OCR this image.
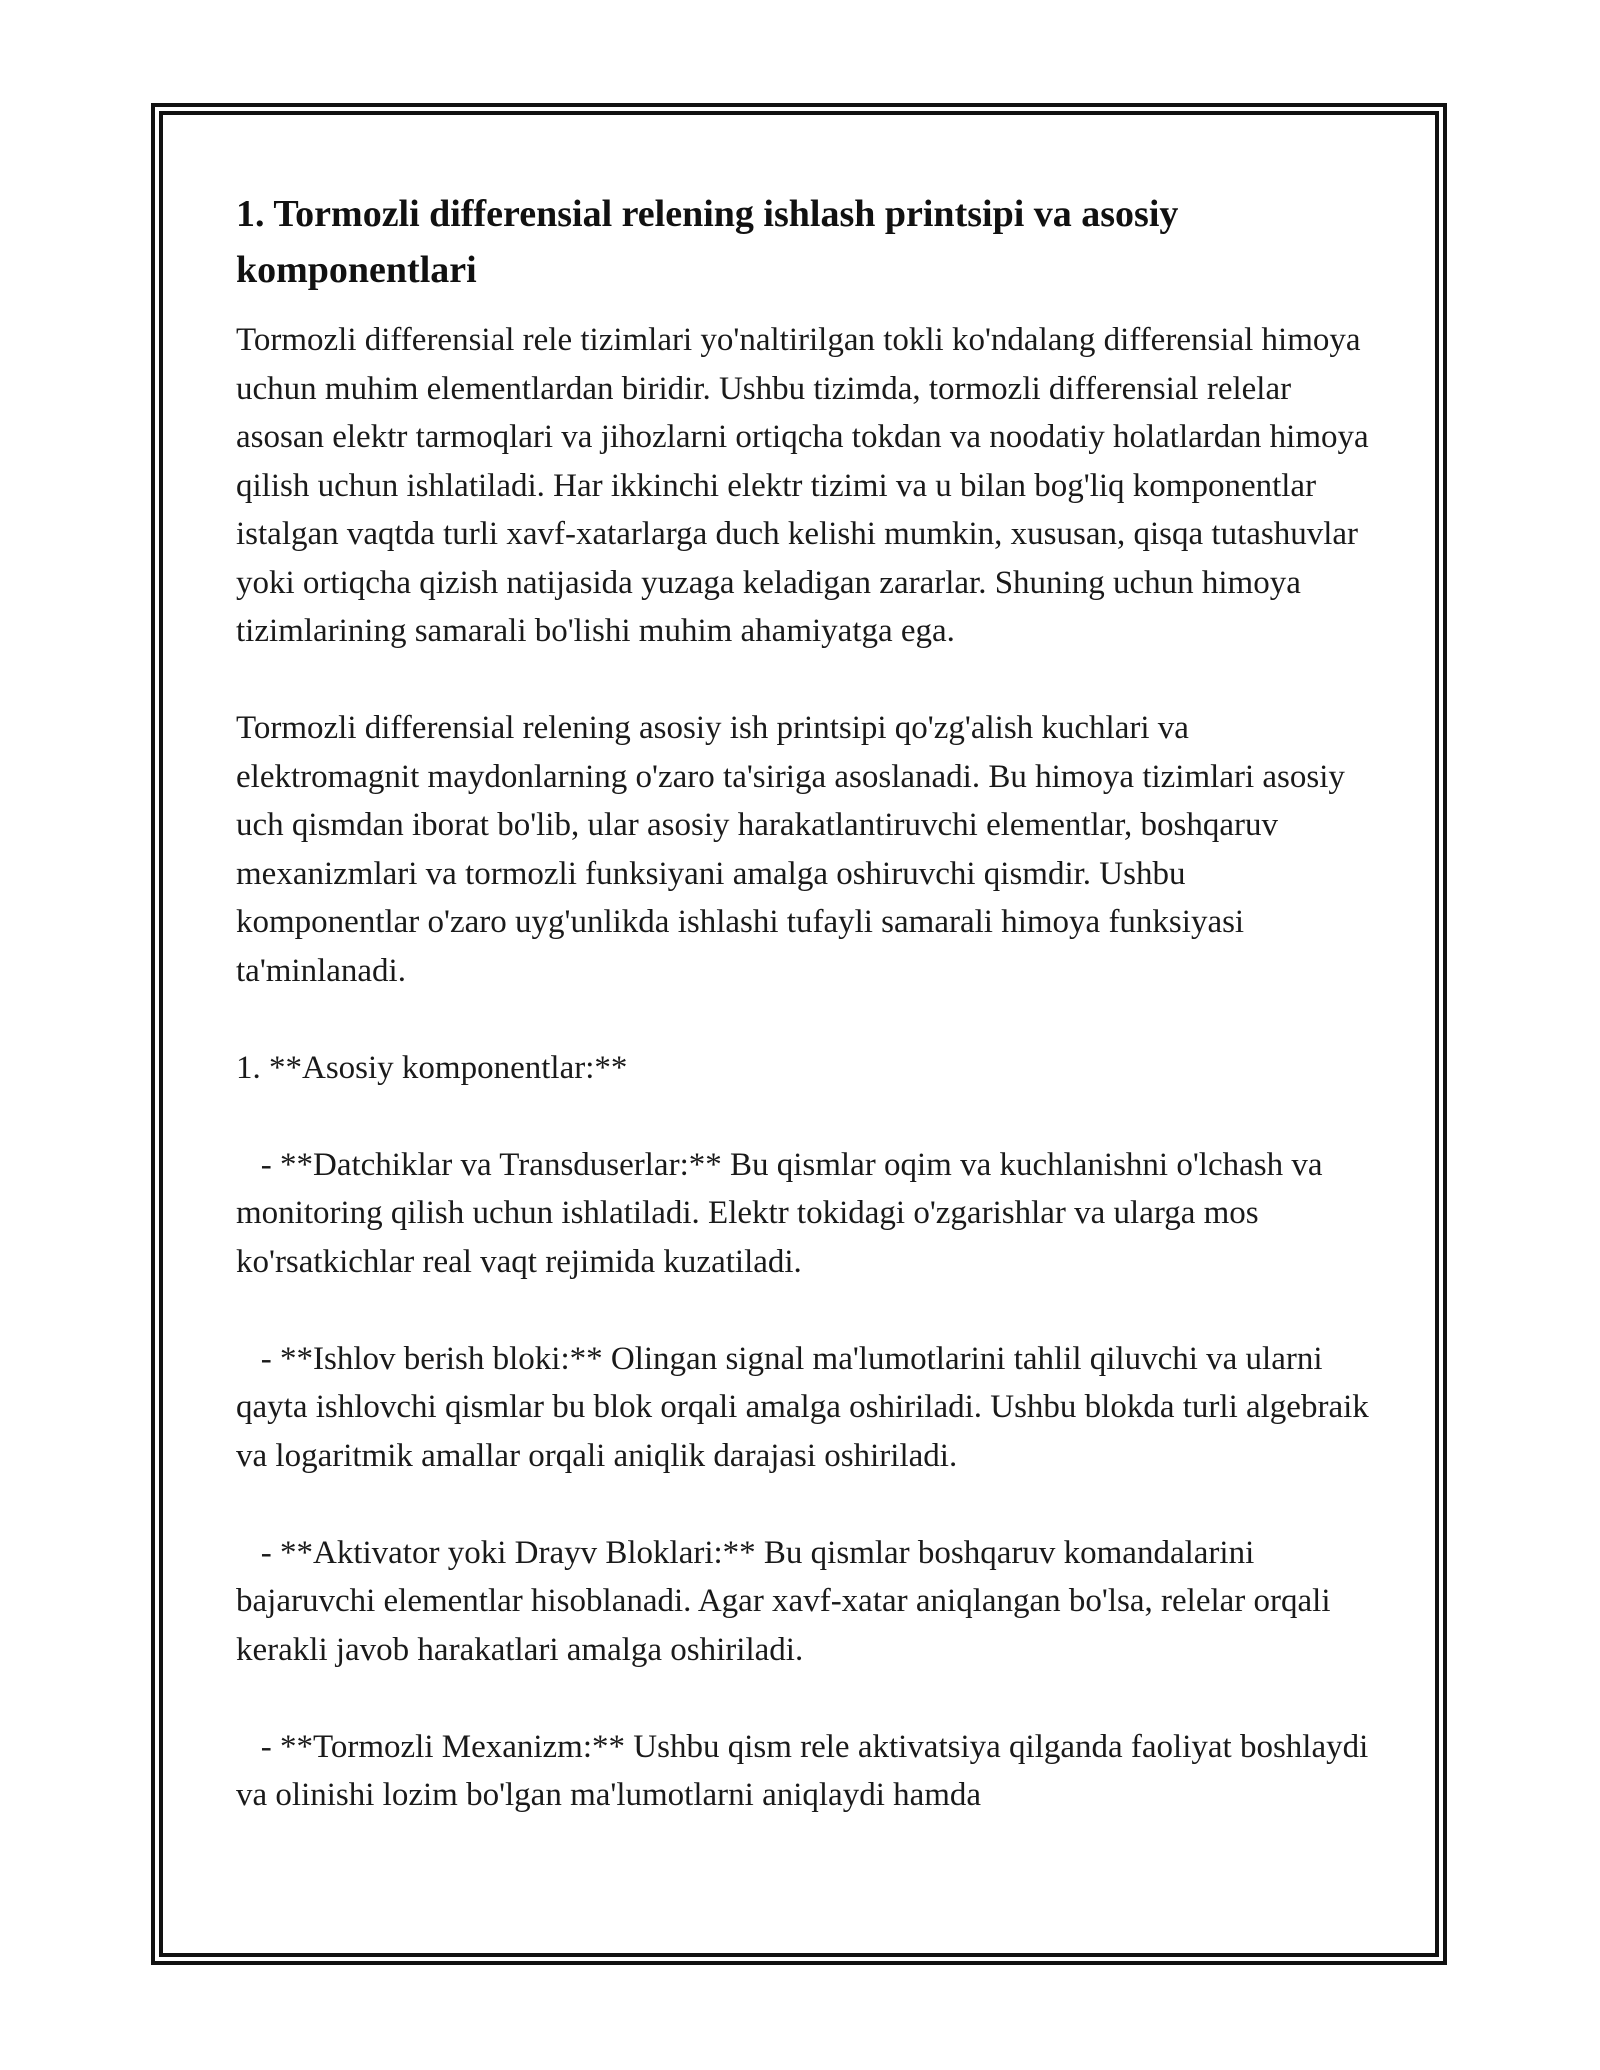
1. Tormozli differensial relening ishlash printsipi va asosiy komponentlari

Tormozli differensial rele tizimlari yo'naltirilgan tokli ko'ndalang differensial himoya uchun muhim elementlardan biridir. Ushbu tizimda, tormozli differensial relelar asosan elektr tarmoqlari va jihozlarni ortiqcha tokdan va noodatiy holatlardan himoya qilish uchun ishlatiladi. Har ikkinchi elektr tizimi va u bilan bog'liq komponentlar istalgan vaqtda turli xavf-xatarlarga duch kelishi mumkin, xususan, qisqa tutashuvlar yoki ortiqcha qizish natijasida yuzaga keladigan zararlar. Shuning uchun himoya tizimlarining samarali bo'lishi muhim ahamiyatga ega.

Tormozli differensial relening asosiy ish printsipi qo'zg'alish kuchlari va elektromagnit maydonlarning o'zaro ta'siriga asoslanadi. Bu himoya tizimlari asosiy uch qismdan iborat bo'lib, ular asosiy harakatlantiruvchi elementlar, boshqaruv mexanizmlari va tormozli funksiyani amalga oshiruvchi qismdir. Ushbu komponentlar o'zaro uyg'unlikda ishlashi tufayli samarali himoya funksiyasi ta'minlanadi.

1. **Asosiy komponentlar:**

- **Datchiklar va Transduserlar:** Bu qismlar oqim va kuchlanishni o'lchash va monitoring qilish uchun ishlatiladi. Elektr tokidagi o'zgarishlar va ularga mos ko'rsatkichlar real vaqt rejimida kuzatiladi.

- **Ishlov berish bloki:** Olingan signal ma'lumotlarini tahlil qiluvchi va ularni qayta ishlovchi qismlar bu blok orqali amalga oshiriladi. Ushbu blokda turli algebraik va logaritmik amallar orqali aniqlik darajasi oshiriladi.

- **Aktivator yoki Drayv Bloklari:** Bu qismlar boshqaruv komandalarini bajaruvchi elementlar hisoblanadi. Agar xavf-xatar aniqlangan bo'lsa, relelar orqali kerakli javob harakatlari amalga oshiriladi.

- **Tormozli Mexanizm:** Ushbu qism rele aktivatsiya qilganda faoliyat boshlaydi va olinishi lozim bo'lgan ma'lumotlarni aniqlaydi hamda
